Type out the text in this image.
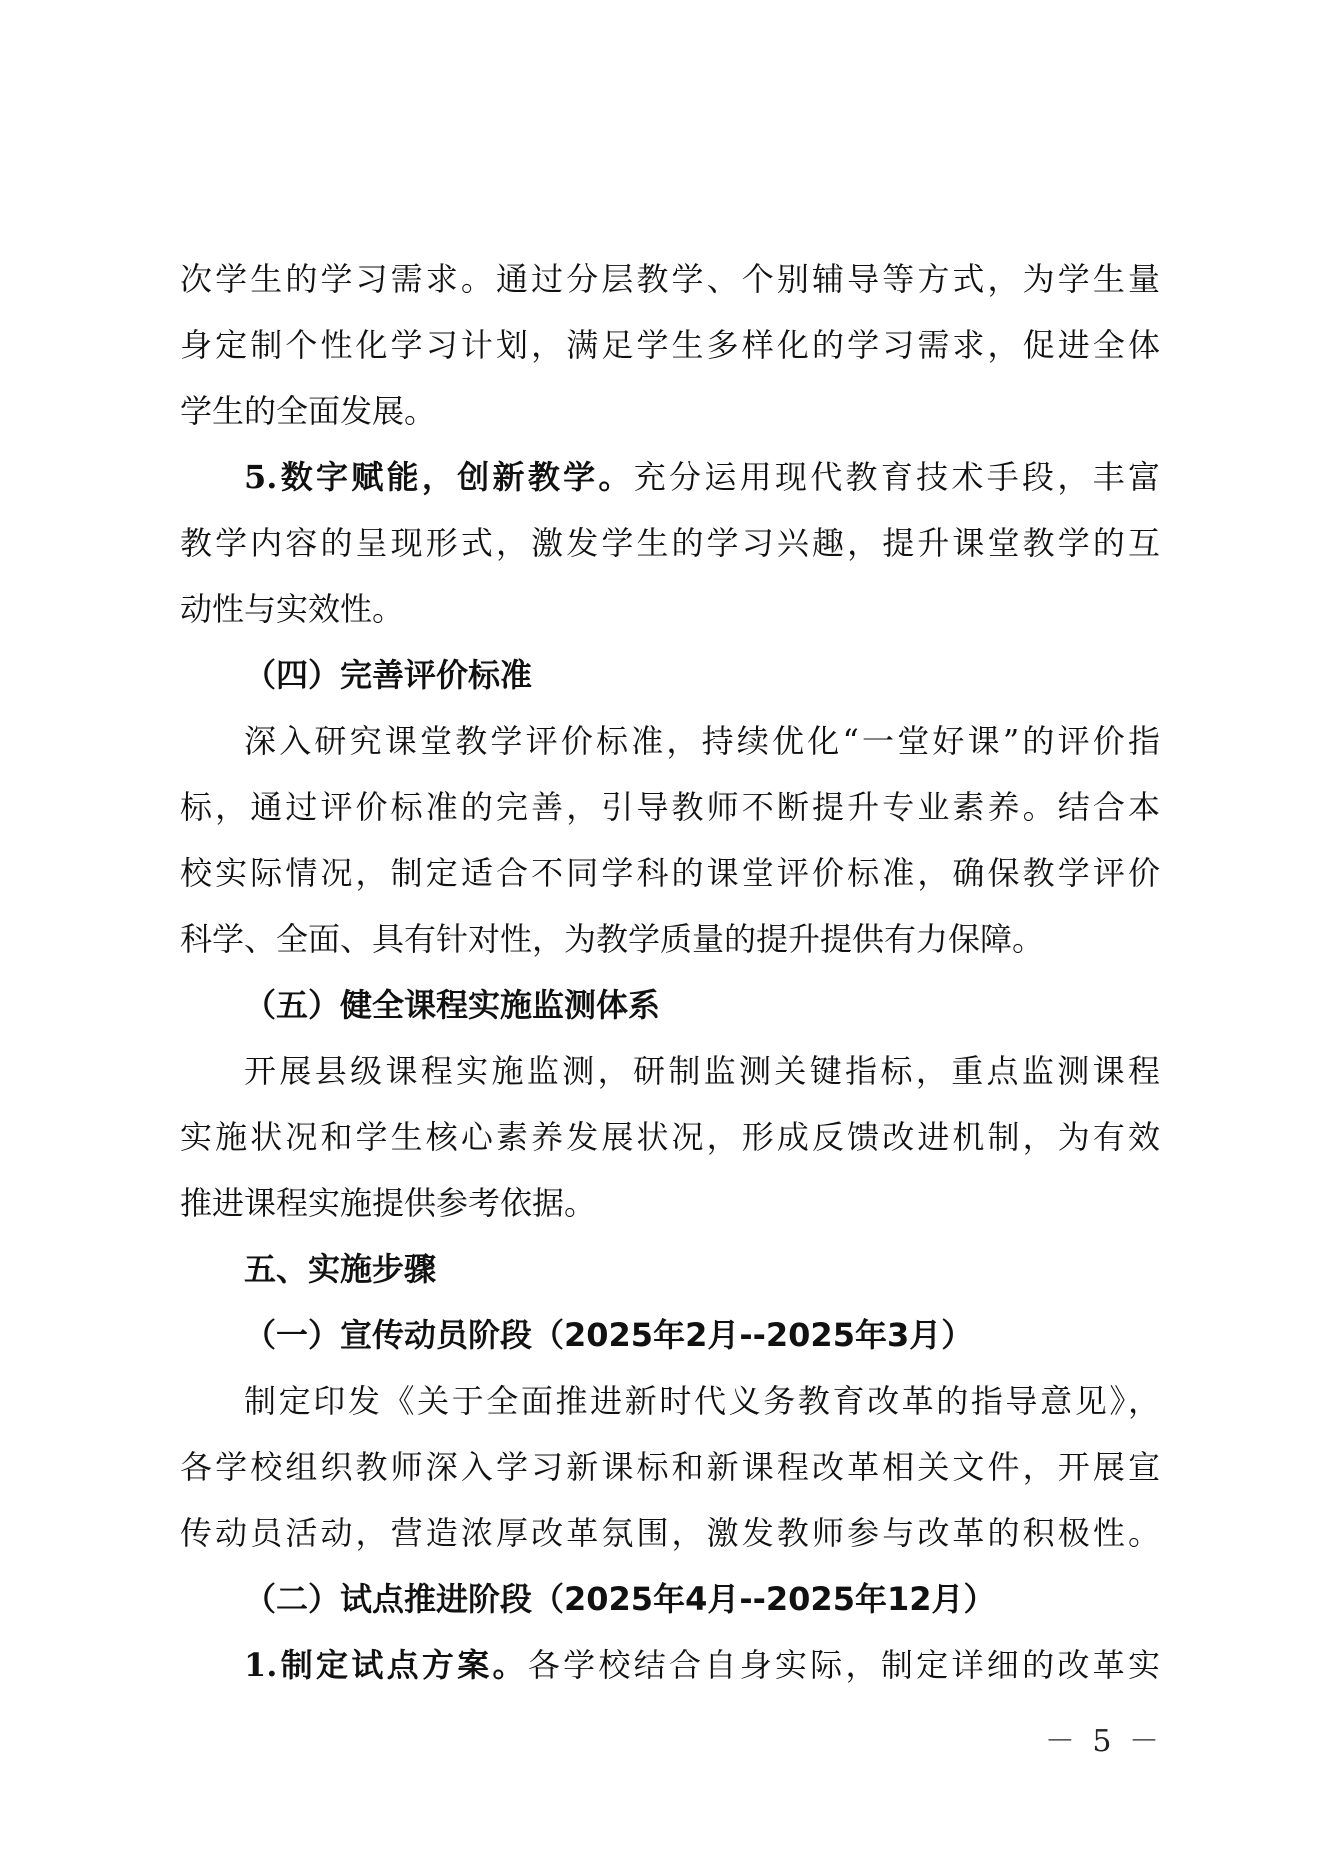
次学生的学习需求。通过分层教学、个别辅导等方式，为学生量
身定制个性化学习计划，满足学生多样化的学习需求，促进全体
学生的全面发展。
5.数字赋能，创新教学。充分运用现代教育技术手段，丰富
教学内容的呈现形式，激发学生的学习兴趣，提升课堂教学的互
动性与实效性。
（四）完善评价标准
深入研究课堂教学评价标准，持续优化“一堂好课”的评价指
标，通过评价标准的完善，引导教师不断提升专业素养。结合本
校实际情况，制定适合不同学科的课堂评价标准，确保教学评价
科学、全面、具有针对性，为教学质量的提升提供有力保障。
（五）健全课程实施监测体系
开展县级课程实施监测，研制监测关键指标，重点监测课程
实施状况和学生核心素养发展状况，形成反馈改进机制，为有效
推进课程实施提供参考依据。
五、实施步骤
（一）宣传动员阶段（2025年2月--2025年3月）
制定印发《关于全面推进新时代义务教育改革的指导意见》，
各学校组织教师深入学习新课标和新课程改革相关文件，开展宣
传动员活动，营造浓厚改革氛围，激发教师参与改革的积极性。
（二）试点推进阶段（2025年4月--2025年12月）
1.制定试点方案。各学校结合自身实际，制定详细的改革实
－ 5 －
